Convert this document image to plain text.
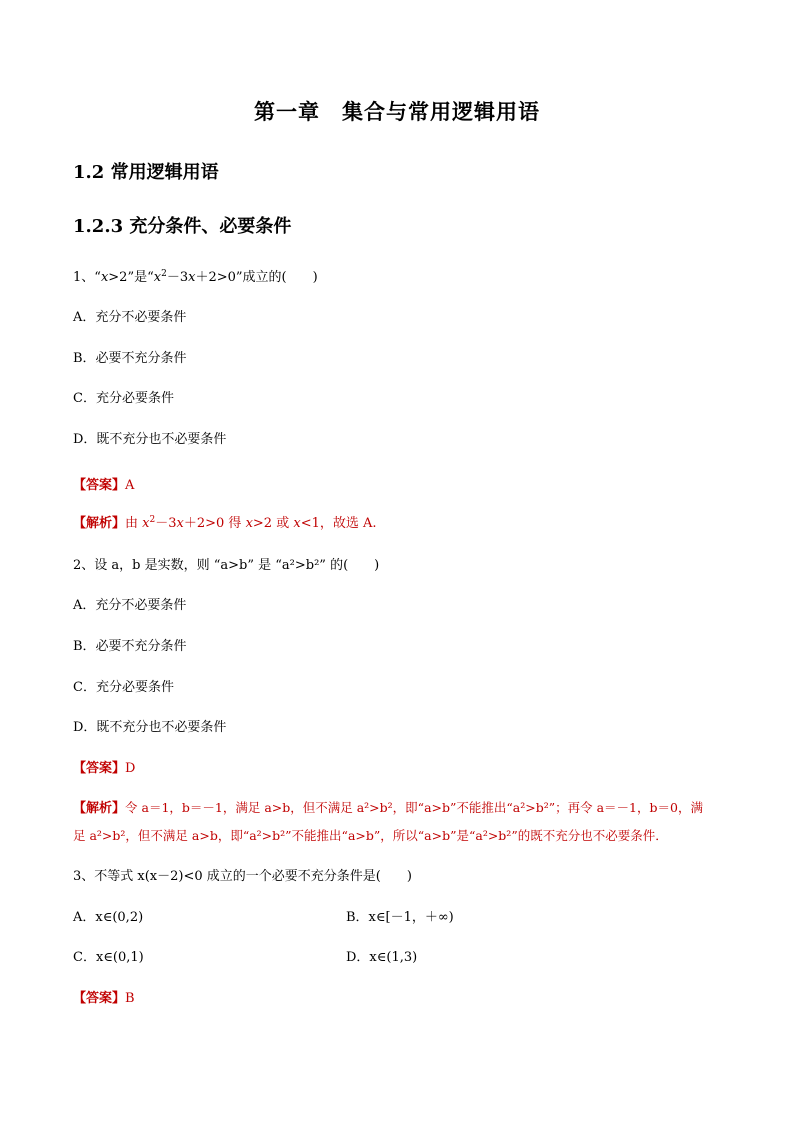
第一章　集合与常用逻辑用语
1.2 常用逻辑用语
1.2.3 充分条件、必要条件
1、“x>2”是“$x^2-3x+2>0$”成立的(　　)
A．充分不必要条件
B．必要不充分条件
C．充分必要条件
D．既不充分也不必要条件
【答案】A
【解析】由 $x^2-3x+2>0$ 得 x>2 或 x<1，故选 A.
2、设 a，b 是实数，则 “a>b” 是 “a²>b²” 的(　　)
A．充分不必要条件
B．必要不充分条件
C．充分必要条件
D．既不充分也不必要条件
【答案】D
【解析】令 a＝1，b＝－1，满足 a>b，但不满足 a²>b²，即“a>b”不能推出“a²>b²”；再令 a＝－1，b＝0，满
足 a²>b²，但不满足 a>b，即“a²>b²”不能推出“a>b”，所以“a>b”是“a²>b²”的既不充分也不必要条件．
3、不等式 x(x－2)<0 成立的一个必要不充分条件是(　　)
A．x∈(0,2)	B．x∈[－1，＋∞)
C．x∈(0,1)	D．x∈(1,3)
【答案】B
